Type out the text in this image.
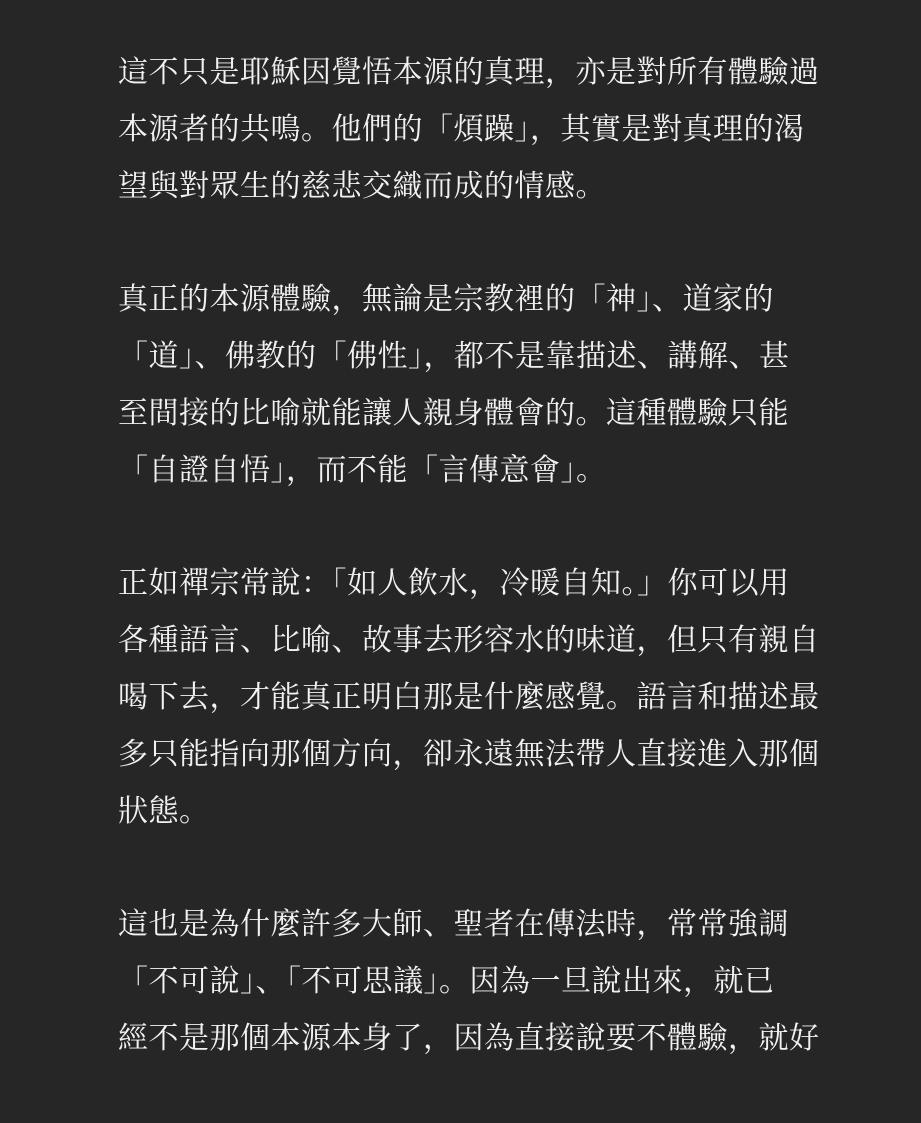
這不只是耶穌因覺悟本源的真理，亦是對所有體驗過
本源者的共鳴。他們的「煩躁」，其實是對真理的渴
望與對眾生的慈悲交織而成的情感。

真正的本源體驗，無論是宗教裡的「神」、道家的
「道」、佛教的「佛性」，都不是靠描述、講解、甚
至間接的比喻就能讓人親身體會的。這種體驗只能
「自證自悟」，而不能「言傳意會」。

正如禪宗常說：「如人飲水，冷暖自知。」你可以用
各種語言、比喻、故事去形容水的味道，但只有親自
喝下去，才能真正明白那是什麼感覺。語言和描述最
多只能指向那個方向，卻永遠無法帶人直接進入那個
狀態。

這也是為什麼許多大師、聖者在傳法時，常常強調
「不可說」、「不可思議」。因為一旦說出來，就已
經不是那個本源本身了，因為直接說要不體驗，就好
